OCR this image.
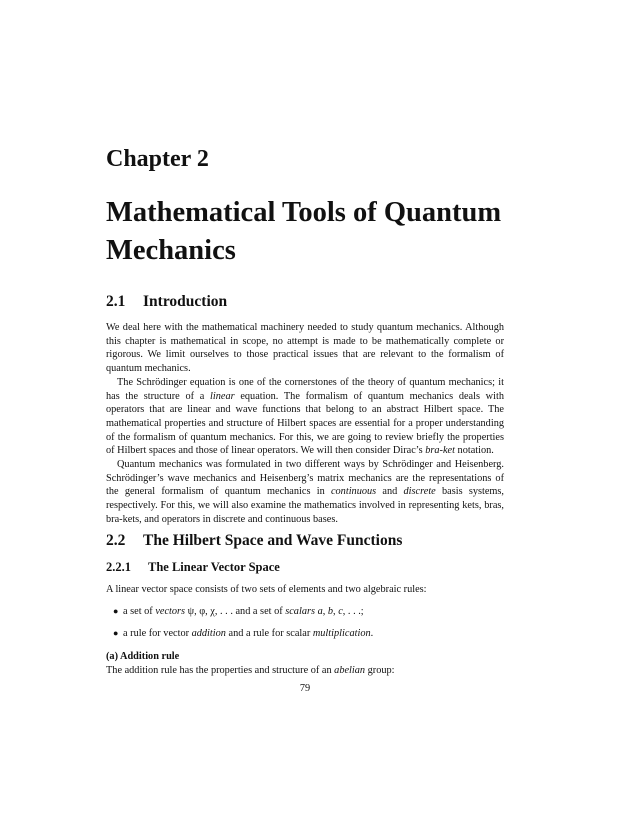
Chapter 2
Mathematical Tools of Quantum
Mechanics
2.1 Introduction

We deal here with the mathematical machinery needed to study quantum mechanics. Although this chapter is mathematical in scope, no attempt is made to be mathematically complete or rigorous. We limit ourselves to those practical issues that are relevant to the formalism of quantum mechanics.

The Schrödinger equation is one of the cornerstones of the theory of quantum mechanics; it has the structure of a linear equation. The formalism of quantum mechanics deals with operators that are linear and wave functions that belong to an abstract Hilbert space. The mathematical properties and structure of Hilbert spaces are essential for a proper understanding of the formalism of quantum mechanics. For this, we are going to review briefly the properties of Hilbert spaces and those of linear operators. We will then consider Dirac’s bra-ket notation.

Quantum mechanics was formulated in two different ways by Schrödinger and Heisenberg. Schrödinger’s wave mechanics and Heisenberg’s matrix mechanics are the representations of the general formalism of quantum mechanics in continuous and discrete basis systems, respectively. For this, we will also examine the mathematics involved in representing kets, bras, bra-kets, and operators in discrete and continuous bases.

2.2 The Hilbert Space and Wave Functions
2.2.1 The Linear Vector Space
A linear vector space consists of two sets of elements and two algebraic rules:
● a set of vectors ψ, φ, χ, . . . and a set of scalars a, b, c, . . .;
● a rule for vector addition and a rule for scalar multiplication.
(a) Addition rule
The addition rule has the properties and structure of an abelian group:
79
